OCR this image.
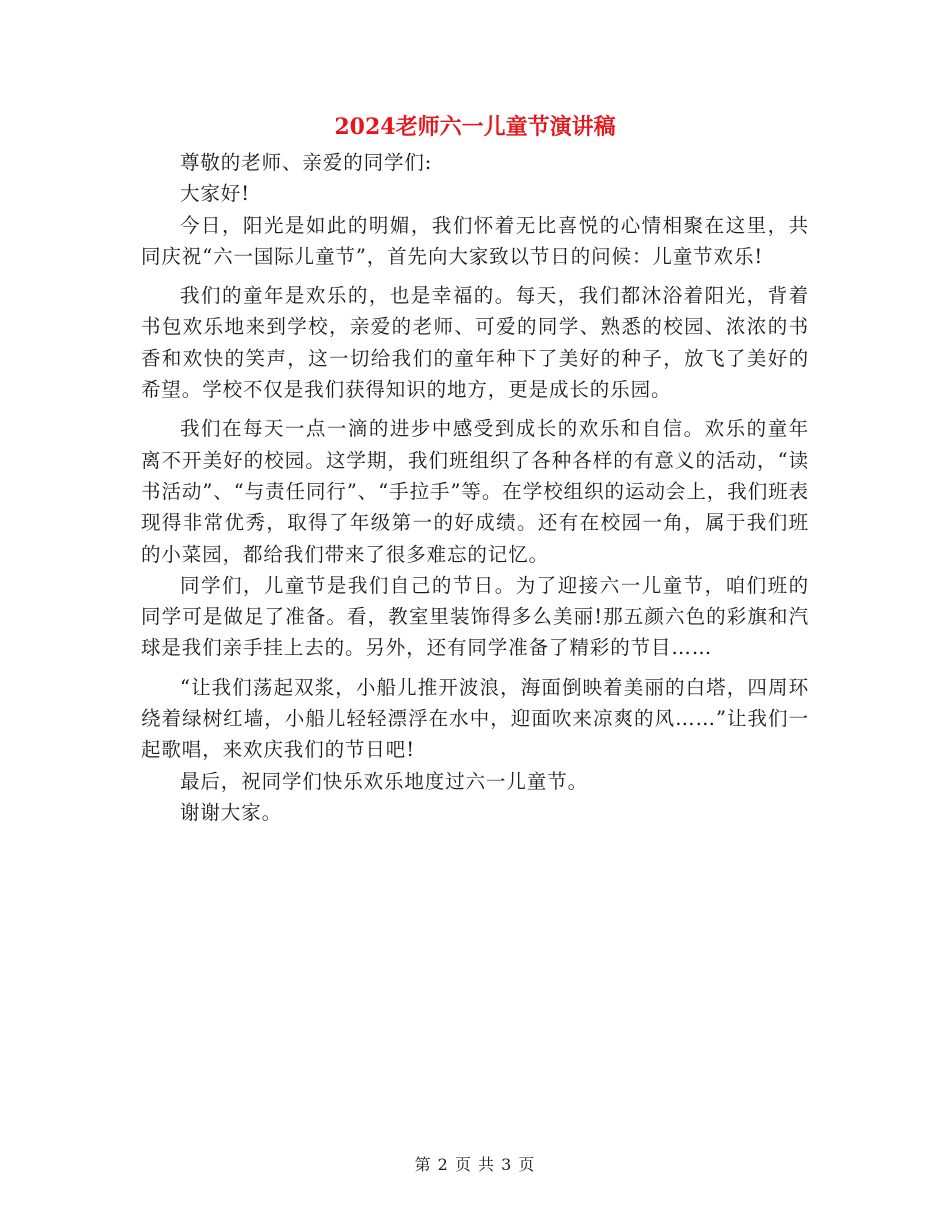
2024老师六一儿童节演讲稿

尊敬的老师、亲爱的同学们:

大家好!

今日，阳光是如此的明媚，我们怀着无比喜悦的心情相聚在这里，共同庆祝“六一国际儿童节”，首先向大家致以节日的问候：儿童节欢乐!

我们的童年是欢乐的，也是幸福的。每天，我们都沐浴着阳光，背着书包欢乐地来到学校，亲爱的老师、可爱的同学、熟悉的校园、浓浓的书香和欢快的笑声，这一切给我们的童年种下了美好的种子，放飞了美好的希望。学校不仅是我们获得知识的地方，更是成长的乐园。

我们在每天一点一滴的进步中感受到成长的欢乐和自信。欢乐的童年离不开美好的校园。这学期，我们班组织了各种各样的有意义的活动，“读书活动”、“与责任同行”、“手拉手”等。在学校组织的运动会上，我们班表现得非常优秀，取得了年级第一的好成绩。还有在校园一角，属于我们班的小菜园，都给我们带来了很多难忘的记忆。

同学们，儿童节是我们自己的节日。为了迎接六一儿童节，咱们班的同学可是做足了准备。看，教室里装饰得多么美丽!那五颜六色的彩旗和汽球是我们亲手挂上去的。另外，还有同学准备了精彩的节目……

“让我们荡起双浆，小船儿推开波浪，海面倒映着美丽的白塔，四周环绕着绿树红墙，小船儿轻轻漂浮在水中，迎面吹来凉爽的风……”让我们一起歌唱，来欢庆我们的节日吧!

最后，祝同学们快乐欢乐地度过六一儿童节。

谢谢大家。

第 2 页 共 3 页
